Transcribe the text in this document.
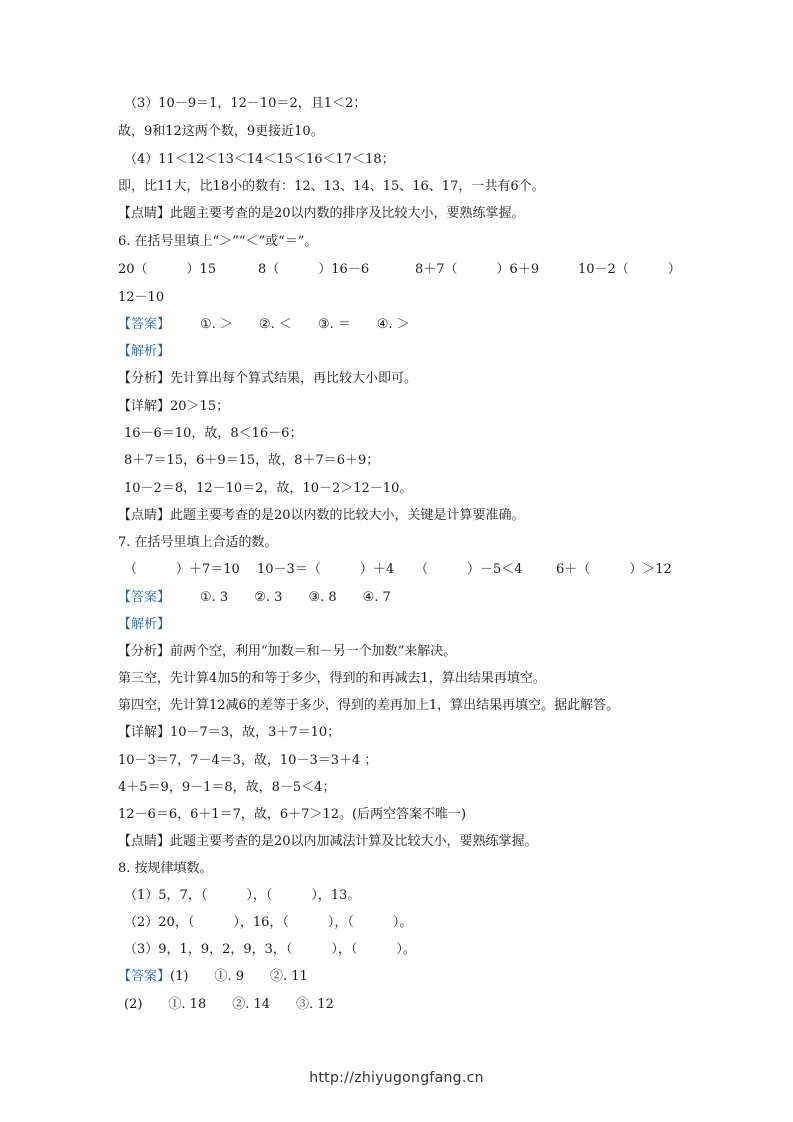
（3）10－9＝1，12－10＝2，且1＜2；
故，9和12这两个数，9更接近10。
（4）11＜12＜13＜14＜15＜16＜17＜18；
即，比11大，比18小的数有：12、13、14、15、16、17，一共有6个。
【点睛】此题主要考查的是20以内数的排序及比较大小，要熟练掌握。
6. 在括号里填上“＞”“＜”或“＝”。
20（　　　）15	8（　　　）16－6	8＋7（　　　）6＋9	10－2（　　　）
12－10
【答案】 ①. ＞　　②. ＜　　③. ＝　　④. ＞
【解析】
【分析】先计算出每个算式结果，再比较大小即可。
【详解】20＞15；
16－6＝10，故，8＜16－6；
8＋7＝15，6＋9＝15，故，8＋7＝6＋9；
10－2＝8，12－10＝2，故，10－2＞12－10。
【点睛】此题主要考查的是20以内数的比较大小，关键是计算要准确。
7. 在括号里填上合适的数。
（　　　）＋7＝10 10－3＝（　　　）＋4 （　　　）－5＜4	6＋（　　　）＞12
【答案】 ①. 3　　②. 3　　③. 8　　④. 7
【解析】
【分析】前两个空，利用“加数＝和－另一个加数”来解决。
第三空，先计算4加5的和等于多少，得到的和再减去1，算出结果再填空。
第四空，先计算12减6的差等于多少，得到的差再加上1，算出结果再填空。据此解答。
【详解】10－7＝3，故，3＋7＝10；
10－3＝7，7－4＝3，故，10－3＝3＋4 ；
4＋5＝9，9－1＝8，故，8－5＜4；
12－6＝6，6＋1＝7，故，6＋7＞12。(后两空答案不唯一)
【点睛】此题主要考查的是20以内加减法计算及比较大小，要熟练掌握。
8. 按规律填数。
（1）5，7，（　　　），（　　　），13。
（2）20，（　　　），16，（　　　），（　　　）。
（3）9，1，9，2，9，3，（　　　），（　　　）。
【答案】(1)　　①. 9　　②. 11
(2)　　①. 18　　②. 14　　③. 12
http://zhiyugongfang.cn
